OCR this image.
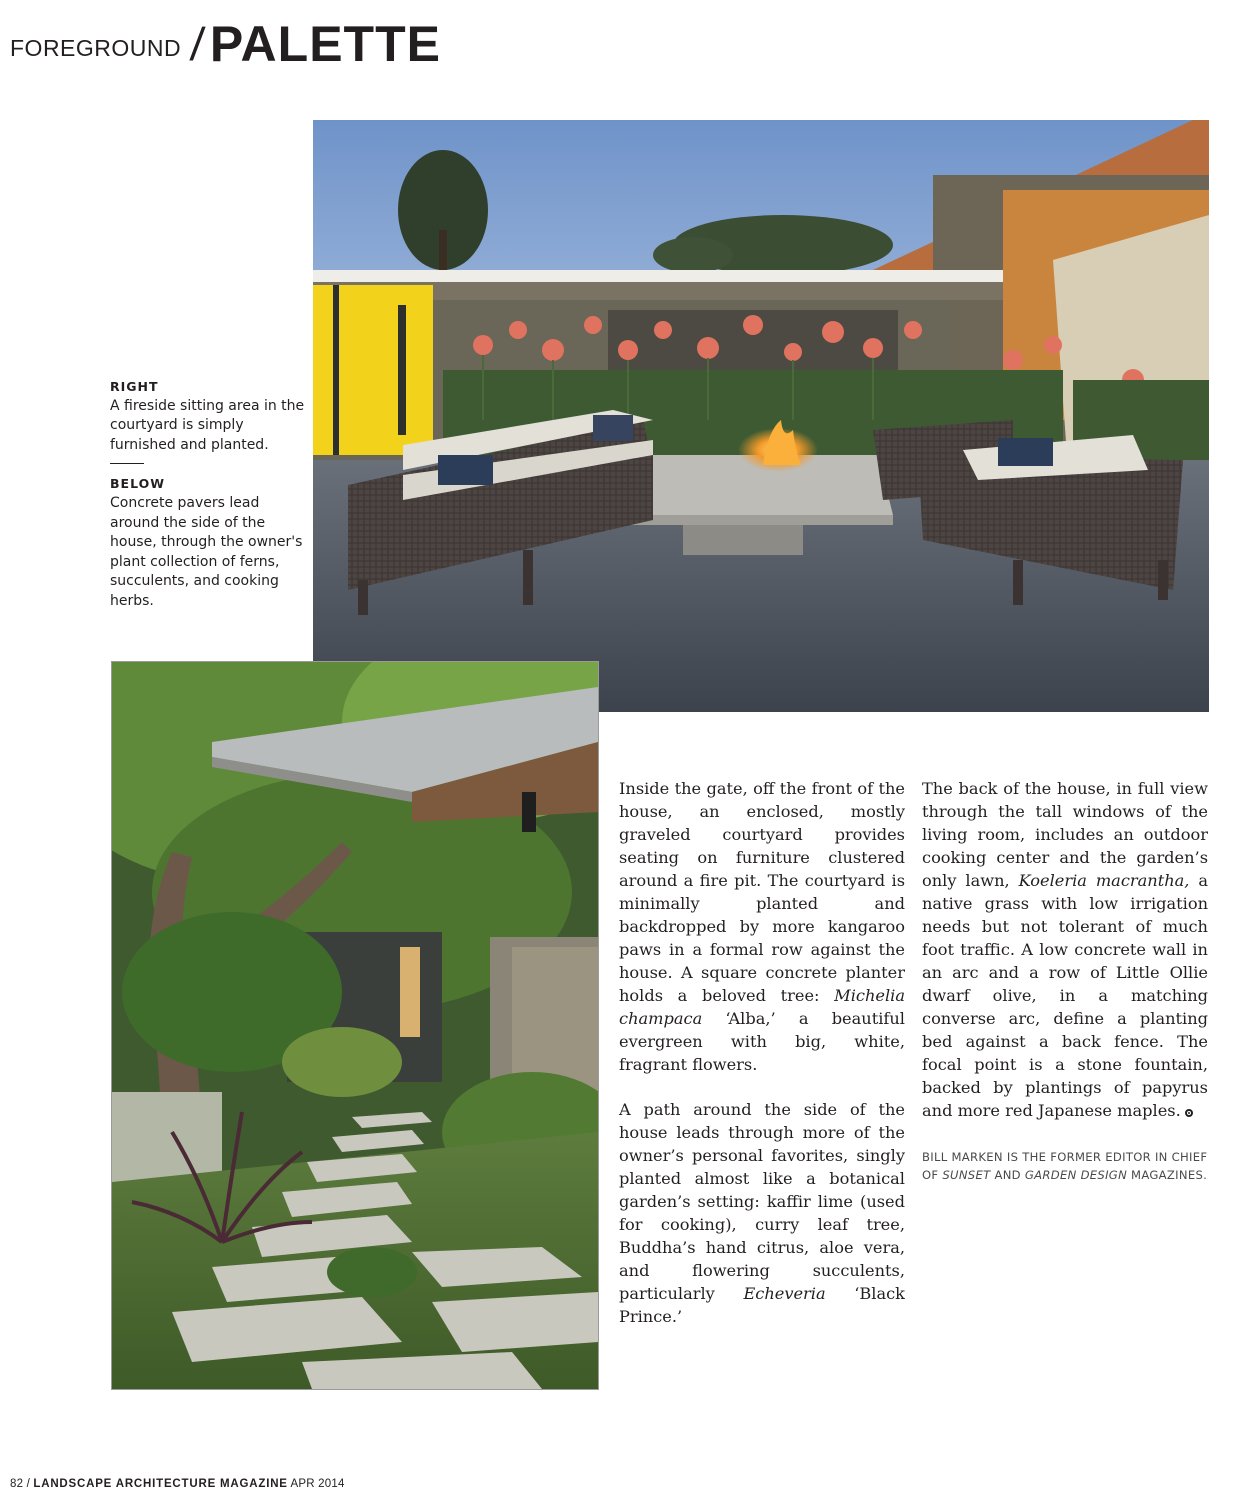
FOREGROUND / PALETTE
RIGHT
A fireside sitting area in the courtyard is simply furnished and planted.
BELOW
Concrete pavers lead around the side of the house, through the owner's plant collection of ferns, succulents, and cooking herbs.

Inside the gate, off the front of the house, an enclosed, mostly graveled courtyard provides seating on furniture clustered around a fire pit. The courtyard is minimally planted and backdropped by more kangaroo paws in a formal row against the house. A square concrete planter holds a beloved tree: Michelia champaca ‘Alba,’ a beautiful evergreen with big, white, fragrant flowers.

A path around the side of the house leads through more of the owner’s personal favorites, singly planted almost like a botanical garden’s setting: kaffir lime (used for cooking), curry leaf tree, Buddha’s hand citrus, aloe vera, and flowering succulents, particularly Echeveria ‘Black Prince.’

The back of the house, in full view through the tall windows of the living room, includes an outdoor cooking center and the garden’s only lawn, Koeleria macrantha, a native grass with low irrigation needs but not tolerant of much foot traffic. A low concrete wall in an arc and a row of Little Ollie dwarf olive, in a matching converse arc, define a planting bed against a back fence. The focal point is a stone fountain, backed by plantings of papyrus and more red Japanese maples.

BILL MARKEN IS THE FORMER EDITOR IN CHIEF OF SUNSET AND GARDEN DESIGN MAGAZINES.
82 / LANDSCAPE ARCHITECTURE MAGAZINE APR 2014
